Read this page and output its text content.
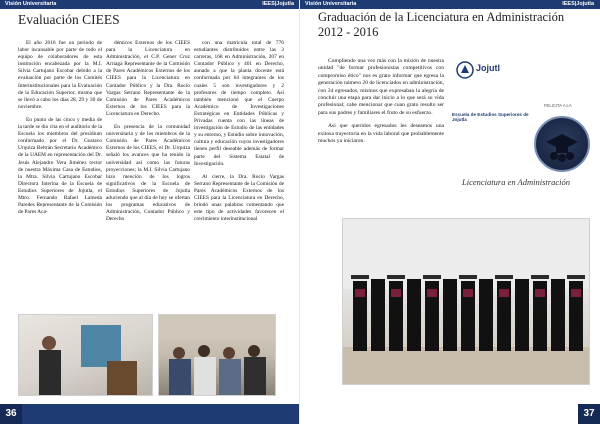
Visión Universitaria	IEES|Jojutla
Evaluación CIEES

El año 2016 fue un periodo de labor incansable por parte de todo el equipo de colaboradores de esta institución encabezada por la M.I. Silvia Cartujano Escobar debido a la evaluación por parte de los Comités Interinstitucionales para la Evaluación de la Educación Superior, misma que se llevó a cabo los días 28, 29 y 30 de noviembre.

En punto de las cinco y media de la tarde se dio cita en el auditorio de la Escuela los miembros del presídium conformado por el Dr. Gustavo Urquiza Beltrán Secretario Académico de la UAEM en representación del Dr. Jesús Alejandro Vera Jiménez rector de nuestra Máxima Casa de Estudios, la Mtra. Silvia Cartujano Escobar Directora Interina de la Escuela de Estudios Superiores de Jojutla, el Mtro. Fernando Rafael Lameda Paredes Representante de la Comisión de Pares Aca-

démicos Externos de los CIEES para la Licenciatura en Administración, el C.P. Gener Cruz Arriaga Representante de la Comisión de Pares Académicos Externos de los CIEES para la Licenciatura en Contador Público y la Dra. Rocío Vargas Serrano Representante de la Comisión de Pares Académicos Externos de los CIEES para la Licenciatura en Derecho.

En presencia de la comunidad universitaria y de los miembros de la Comisión de Pares Académicos Externos de los CIEES, el Dr. Urquiza señaló los avances que ha tenido la universidad así como las futuras proyecciones; la M.I. Silvia Cartujano hizo mención de los logros significativos de la Escuela de Estudios Superiores de Jojutla aduciendo que al día de hoy se ofertan los programas educativos de Administración, Contador Público y Derecho

con una matrícula total de 776 estudiantes distribuidos entre las 3 carreras, 168 en Administración, 207 en Contador Público y 401 en Derecho, aunado a que la planta docente está conformada por 64 integrantes de los cuales 5 son investigadores y 2 profesores de tiempo completo. Así también mencionó que el Cuerpo Académico de Investigaciones Estratégicas en Entidades Públicas y Privadas cuenta con las líneas de investigación de Estudio de las entidades y su entorno, y Estudio sobre innovación, cultura y educación cuyos investigadores tienen perfil deseable además de formar parte del Sistema Estatal de Investigación.

Al cierre, la Dra. Rocío Vargas Serrano Representante de la Comisión de Pares Académicos Externos de los CIEES para la Licenciatura en Derecho, brindó unas palabras comentando que este tipo de actividades favorecen el crecimiento interinstitucional

36
Visión Universitaria	IEES|Jojutla
37
Graduación de la Licenciatura en Administración 2012 - 2016

Cumpliendo una vez más con la misión de nuestra unidad "de formar profesionistas competitivos con compromiso ético" nos es grato informar que egresa la generación número 20 de licenciados en administración, con 34 egresados, mismos que expresaban la alegría de concluir una etapa para dar inicio a lo que será su vida profesional; cabe mencionar que cuan grato resulto ser para sus padres y familiares el fruto de su esfuerzo.

Así que queridos egresados les deseamos una exitosa trayectoria en la vida laboral que probablemente muchos ya iniciaron.

Jojutl
Escuela de Estudios Superiores de Jojutla
FELICITA A LA
Licenciatura en Administración
